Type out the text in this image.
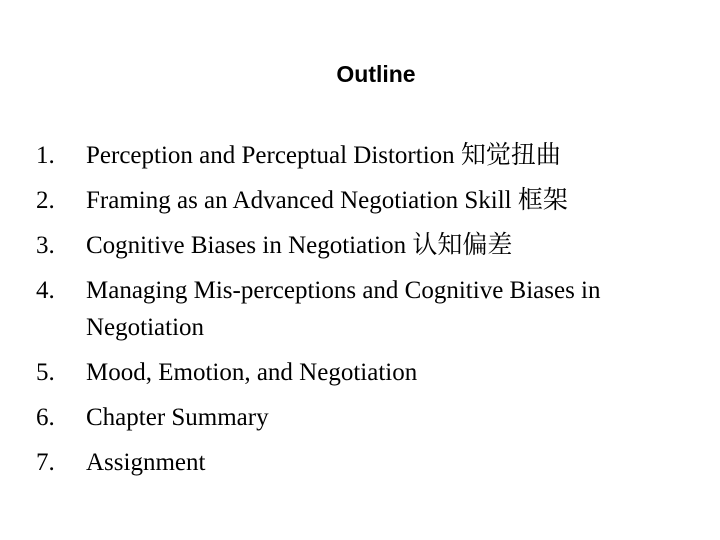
Outline
1.	Perception and Perceptual Distortion 知觉扭曲
2.	Framing as an Advanced Negotiation Skill 框架
3.	Cognitive Biases in Negotiation 认知偏差
4.	Managing Mis-perceptions and Cognitive Biases in Negotiation
5.	Mood, Emotion, and Negotiation
6.	Chapter Summary
7.	Assignment
